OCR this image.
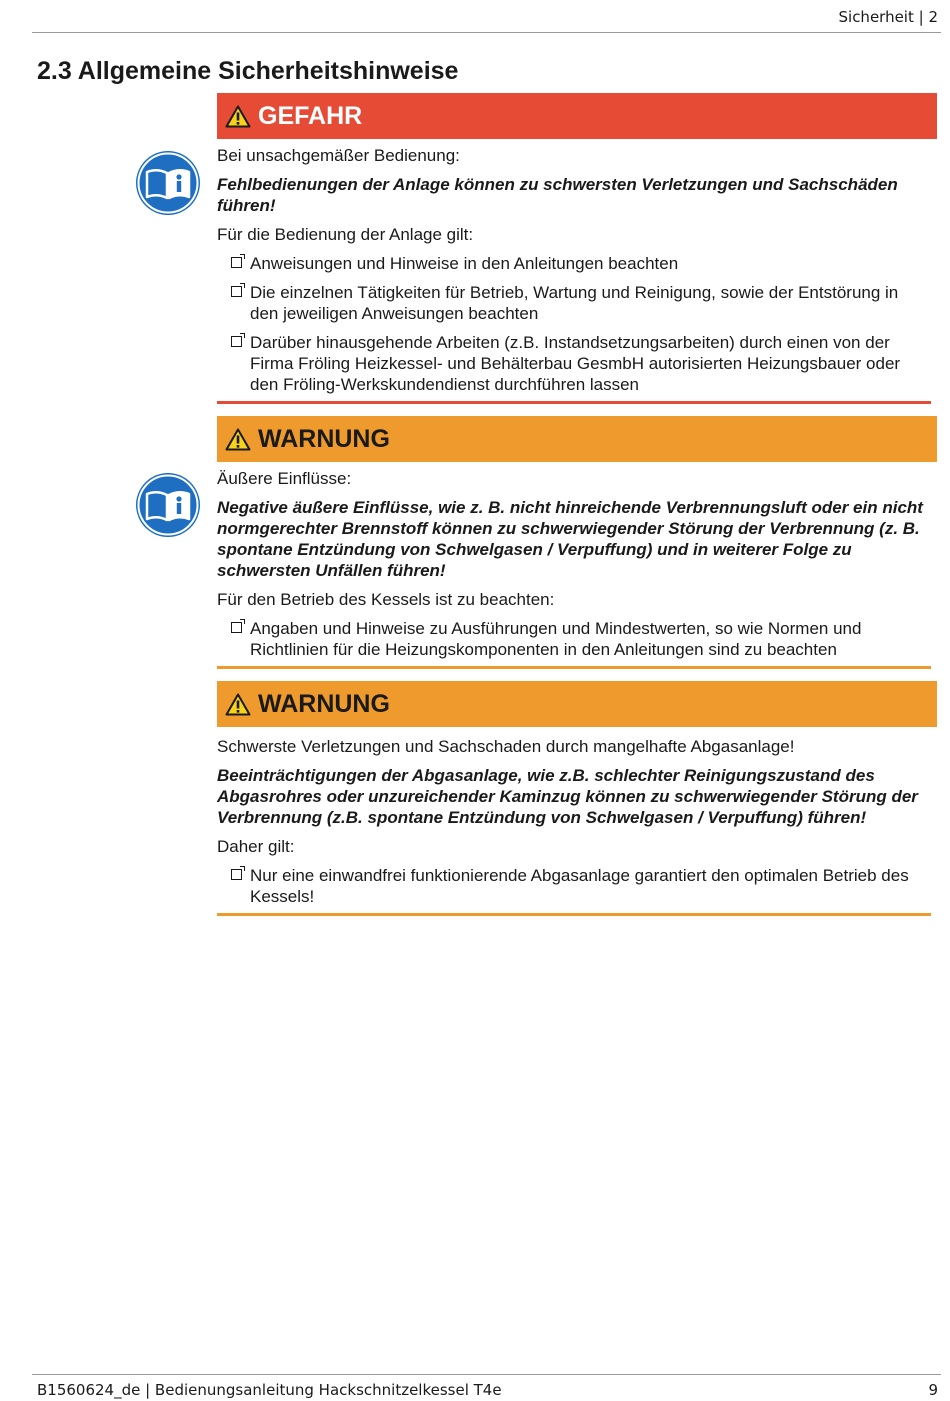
Sicherheit | 2
2.3 Allgemeine Sicherheitshinweise
GEFAHR

Bei unsachgemäßer Bedienung:

Fehlbedienungen der Anlage können zu schwersten Verletzungen und Sachschäden führen!

Für die Bedienung der Anlage gilt:

Anweisungen und Hinweise in den Anleitungen beachten
Die einzelnen Tätigkeiten für Betrieb, Wartung und Reinigung, sowie der Entstörung in den jeweiligen Anweisungen beachten
Darüber hinausgehende Arbeiten (z.B. Instandsetzungsarbeiten) durch einen von der Firma Fröling Heizkessel- und Behälterbau GesmbH autorisierten Heizungsbauer oder den Fröling-Werkskundendienst durchführen lassen
WARNUNG

Äußere Einflüsse:

Negative äußere Einflüsse, wie z. B. nicht hinreichende Verbrennungsluft oder ein nicht normgerechter Brennstoff können zu schwerwiegender Störung der Verbrennung (z. B. spontane Entzündung von Schwelgasen / Verpuffung) und in weiterer Folge zu schwersten Unfällen führen!

Für den Betrieb des Kessels ist zu beachten:

Angaben und Hinweise zu Ausführungen und Mindestwerten, so wie Normen und Richtlinien für die Heizungskomponenten in den Anleitungen sind zu beachten
WARNUNG

Schwerste Verletzungen und Sachschaden durch mangelhafte Abgasanlage!

Beeinträchtigungen der Abgasanlage, wie z.B. schlechter Reinigungszustand des Abgasrohres oder unzureichender Kaminzug können zu schwerwiegender Störung der Verbrennung (z.B. spontane Entzündung von Schwelgasen / Verpuffung) führen!

Daher gilt:

Nur eine einwandfrei funktionierende Abgasanlage garantiert den optimalen Betrieb des Kessels!
B1560624_de | Bedienungsanleitung Hackschnitzelkessel T4e	9
